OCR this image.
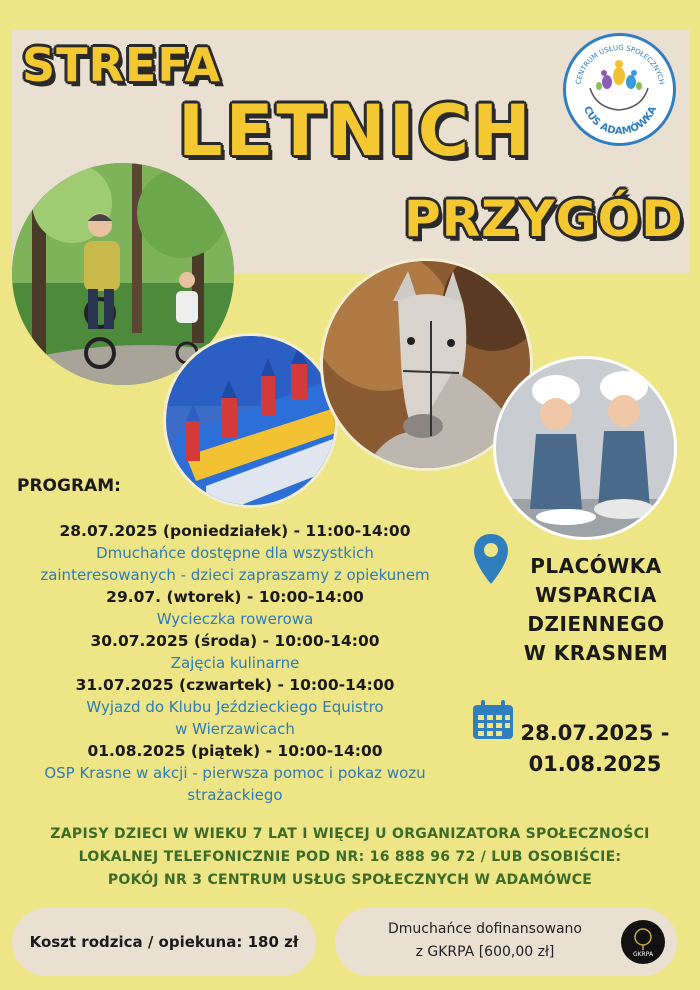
STREFA
LETNICH
PRZYGÓD
CENTRUM USŁUG SPOŁECZNYCH
CUS ADAMÓWKA
PROGRAM:
28.07.2025 (poniedziałek) - 11:00-14:00
Dmuchańce dostępne dla wszystkich
zainteresowanych - dzieci zapraszamy z opiekunem
29.07. (wtorek) - 10:00-14:00
Wycieczka rowerowa
30.07.2025 (środa) - 10:00-14:00
Zajęcia kulinarne
31.07.2025 (czwartek) - 10:00-14:00
Wyjazd do Klubu Jeździeckiego Equistro
w Wierzawicach
01.08.2025 (piątek) - 10:00-14:00
OSP Krasne w akcji - pierwsza pomoc i pokaz wozu
strażackiego
PLACÓWKA
WSPARCIA
DZIENNEGO
W KRASNEM
28.07.2025 -
01.08.2025
ZAPISY DZIECI W WIEKU 7 LAT I WIĘCEJ U ORGANIZATORA SPOŁECZNOŚCI
LOKALNEJ TELEFONICZNIE POD NR: 16 888 96 72 / LUB OSOBIŚCIE:
POKÓJ NR 3 CENTRUM USŁUG SPOŁECZNYCH W ADAMÓWCE
Koszt rodzica / opiekuna: 180 zł
Dmuchańce dofinansowano
z GKRPA [600,00 zł]	GKRPA
